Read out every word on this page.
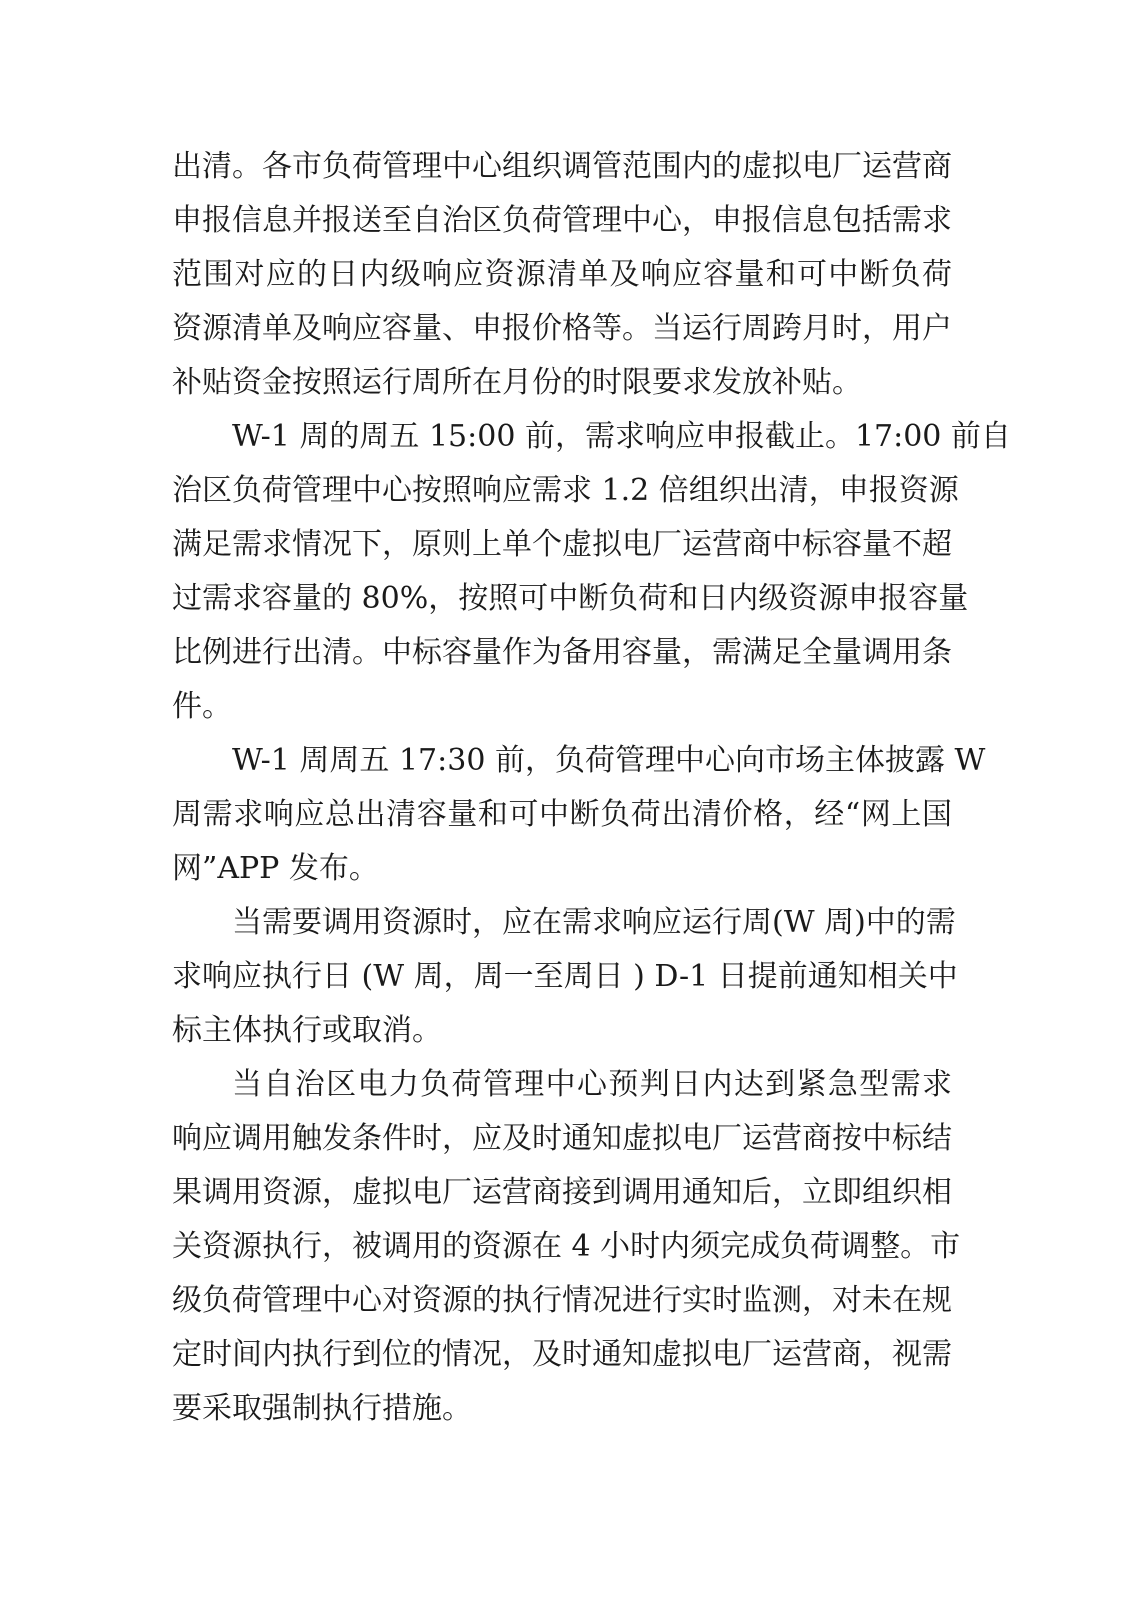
出清。各市负荷管理中心组织调管范围内的虚拟电厂运营商
申报信息并报送至自治区负荷管理中心，申报信息包括需求
范围对应的日内级响应资源清单及响应容量和可中断负荷
资源清单及响应容量、申报价格等。当运行周跨月时，用户
补贴资金按照运行周所在月份的时限要求发放补贴。
W-1 周的周五 15:00 前，需求响应申报截止。17:00 前自
治区负荷管理中心按照响应需求 1.2 倍组织出清，申报资源
满足需求情况下，原则上单个虚拟电厂运营商中标容量不超
过需求容量的 80%，按照可中断负荷和日内级资源申报容量
比例进行出清。中标容量作为备用容量，需满足全量调用条
件。
W-1 周周五 17:30 前，负荷管理中心向市场主体披露 W
周需求响应总出清容量和可中断负荷出清价格，经“网上国
网”APP 发布。
当需要调用资源时，应在需求响应运行周(W 周)中的需
求响应执行日 (W 周，周一至周日 ) D-1 日提前通知相关中
标主体执行或取消。
当自治区电力负荷管理中心预判日内达到紧急型需求
响应调用触发条件时，应及时通知虚拟电厂运营商按中标结
果调用资源，虚拟电厂运营商接到调用通知后，立即组织相
关资源执行，被调用的资源在 4 小时内须完成负荷调整。市
级负荷管理中心对资源的执行情况进行实时监测，对未在规
定时间内执行到位的情况，及时通知虚拟电厂运营商，视需
要采取强制执行措施。
